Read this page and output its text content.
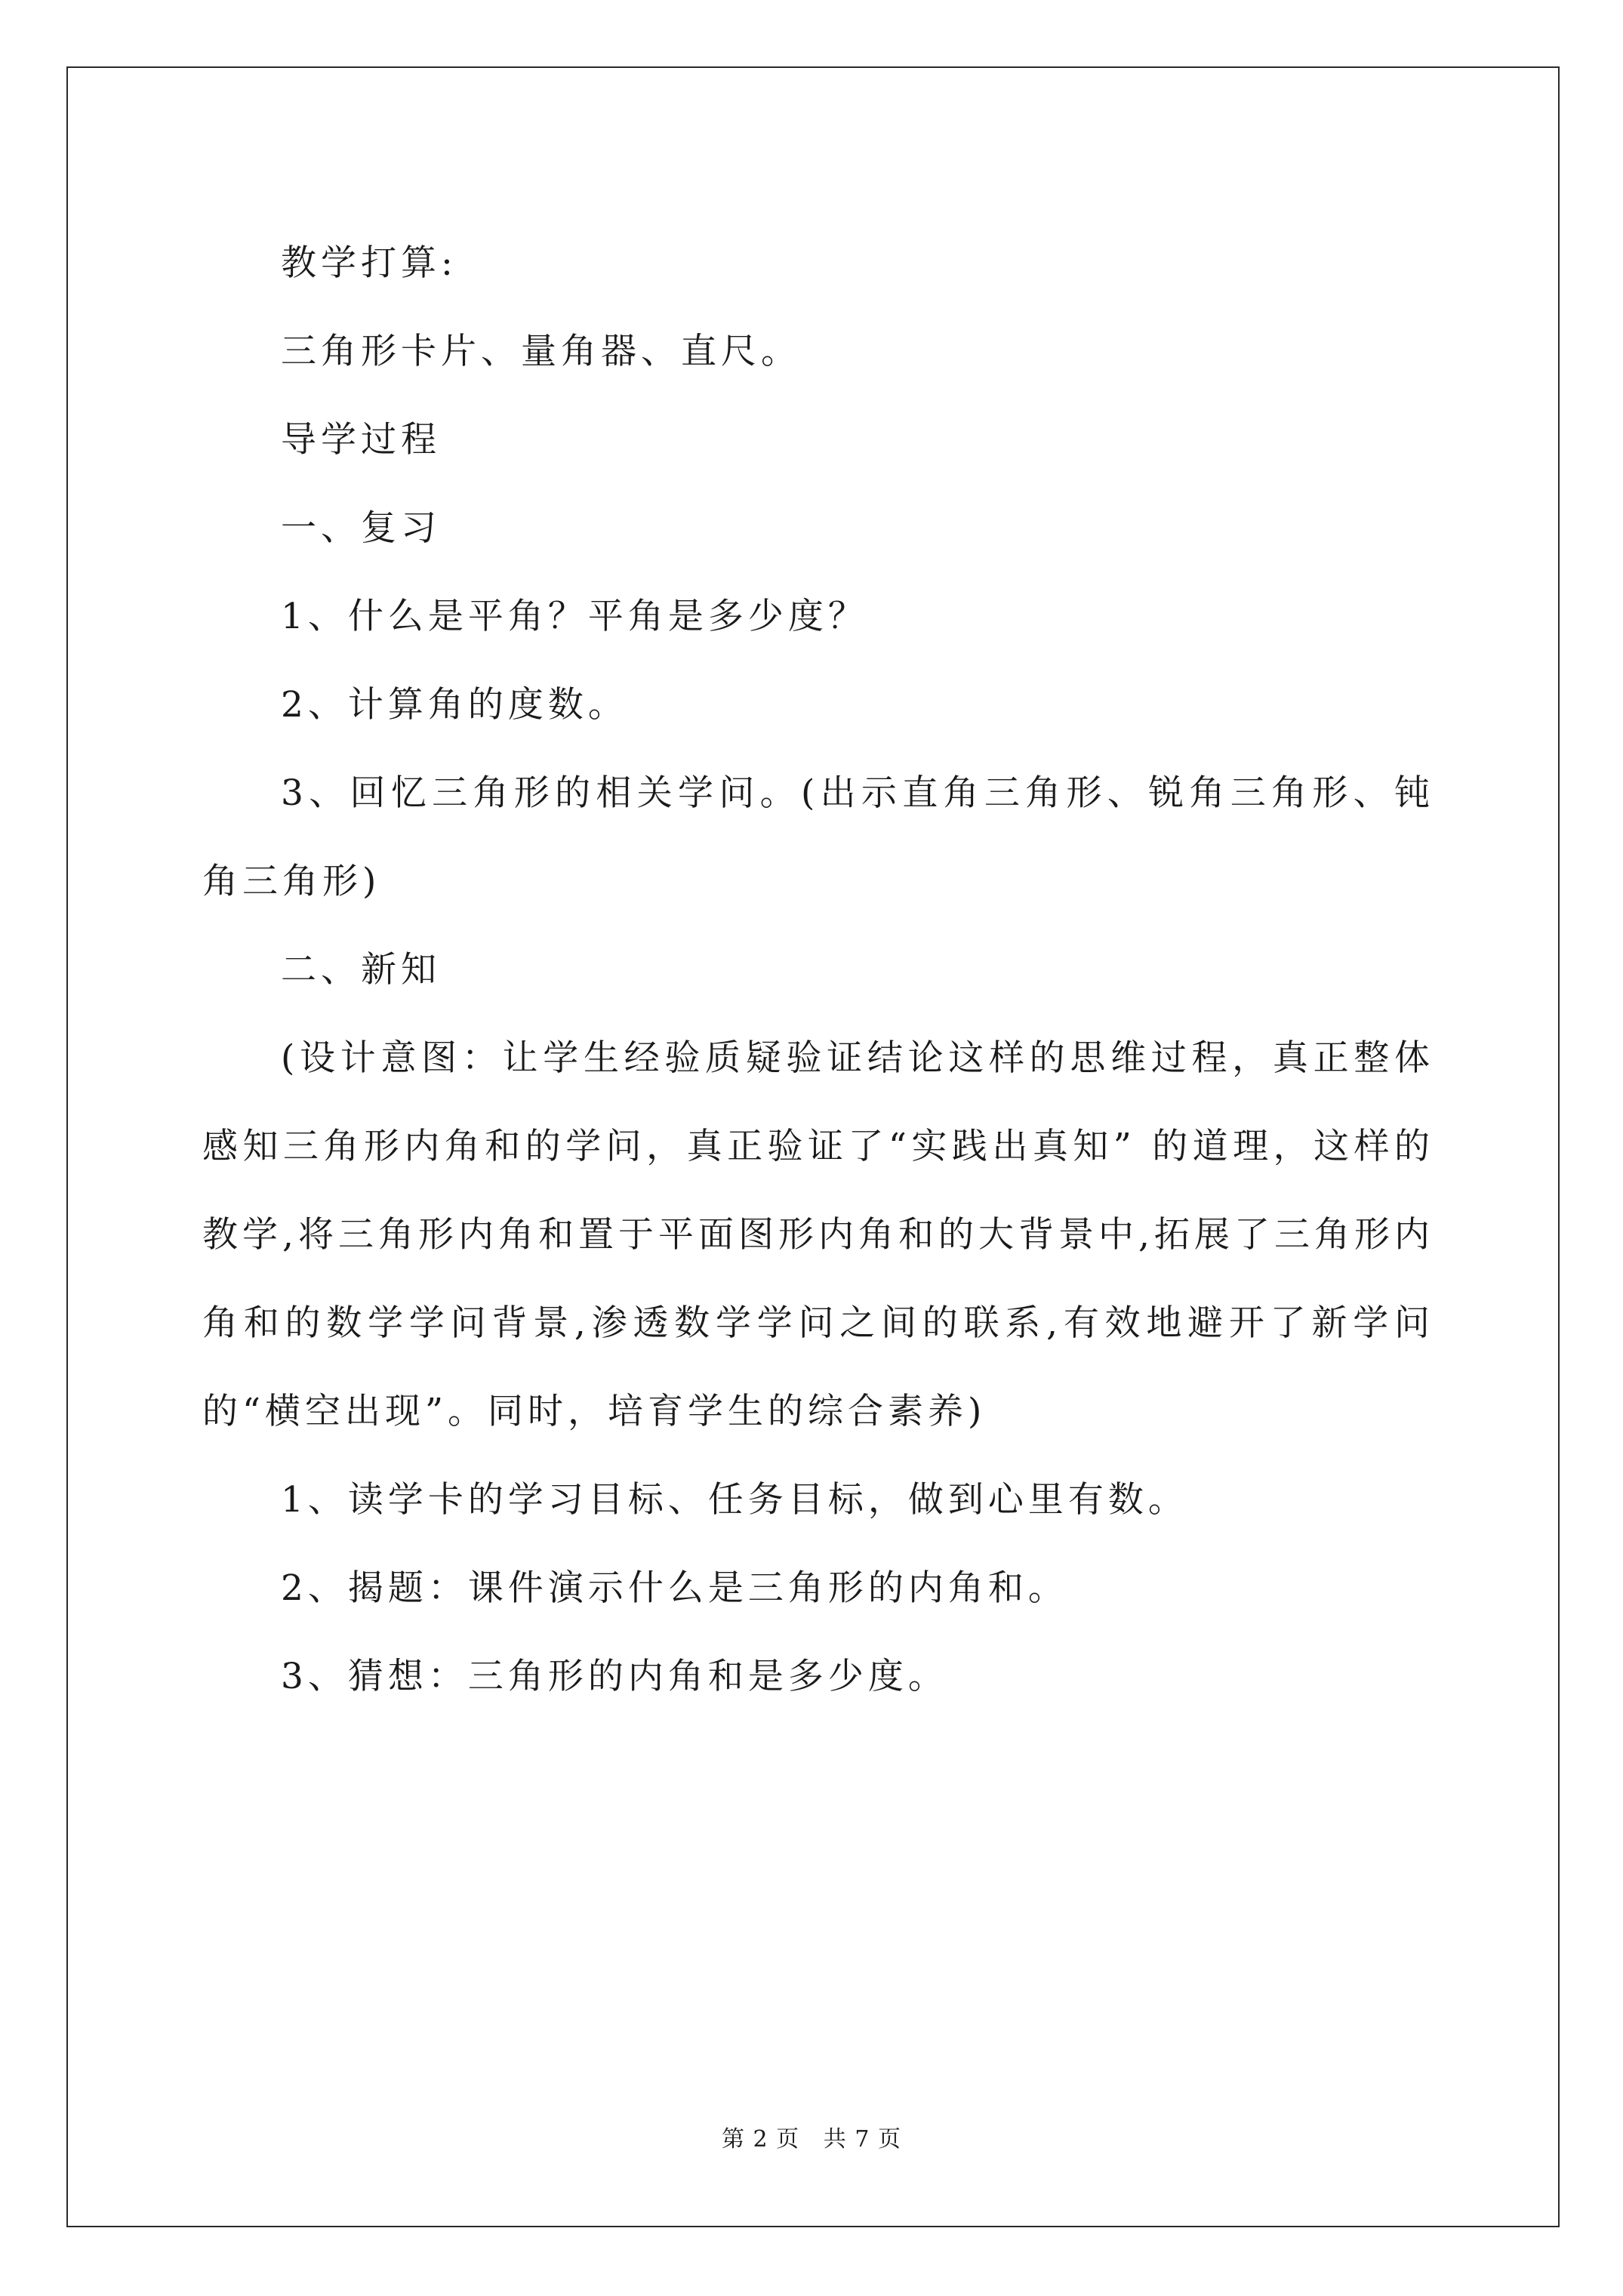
教学打算:

三角形卡片、量角器、直尺。

导学过程

一、复习

1、什么是平角？平角是多少度？

2、计算角的度数。

3、回忆三角形的相关学问。(出示直角三角形、锐角三角形、钝角三角形)

二、新知

(设计意图：让学生经验质疑验证结论这样的思维过程，真正整体感知三角形内角和的学问，真正验证了“实践出真知” 的道理，这样的教学,将三角形内角和置于平面图形内角和的大背景中,拓展了三角形内角和的数学学问背景,渗透数学学问之间的联系,有效地避开了新学问的“横空出现”。同时，培育学生的综合素养)

1、读学卡的学习目标、任务目标，做到心里有数。

2、揭题：课件演示什么是三角形的内角和。

3、猜想：三角形的内角和是多少度。

第 2 页 共 7 页
